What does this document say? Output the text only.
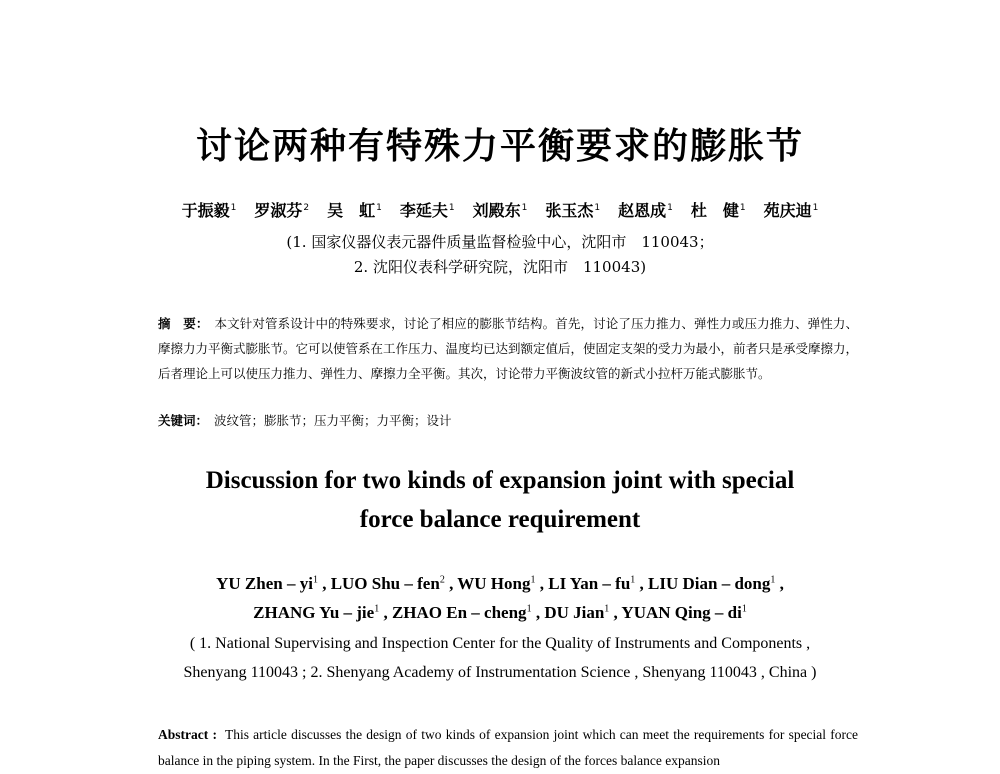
讨论两种有特殊力平衡要求的膨胀节
于振毅$^1$ 罗淑芬$^2$ 吴　虹$^1$ 李延夫$^1$ 刘殿东$^1$ 张玉杰$^1$ 赵恩成$^1$ 杜　健$^1$ 苑庆迪$^1$
(1. 国家仪器仪表元器件质量监督检验中心，沈阳市　110043；
2. 沈阳仪表科学研究院，沈阳市　110043)
摘　要： 本文针对管系设计中的特殊要求，讨论了相应的膨胀节结构。首先，讨论了压力推力、弹性力或压力推力、弹性力、摩擦力力平衡式膨胀节。它可以使管系在工作压力、温度均已达到额定值后，使固定支架的受力为最小，前者只是承受摩擦力，后者理论上可以使压力推力、弹性力、摩擦力全平衡。其次，讨论带力平衡波纹管的新式小拉杆万能式膨胀节。
关键词： 波纹管；膨胀节；压力平衡；力平衡；设计
Discussion for two kinds of expansion joint with special
force balance requirement
YU Zhen – $yi^1$ , LUO Shu – fen$^2$ , WU Hong$^1$ , LI Yan – $fu^1$ , LIU Dian – dong$^1$ ,
ZHANG Yu – jie$^1$ , ZHAO En – cheng$^1$ , DU Jian$^1$ , YUAN Qing – $di^1$
( 1. National Supervising and Inspection Center for the Quality of Instruments and Components ,
Shenyang 110043 ; 2. Shenyang Academy of Instrumentation Science , Shenyang 110043 , China )
Abstract : This article discusses the design of two kinds of expansion joint which can meet the requirements for special force balance in the piping system. In the First, the paper discusses the design of the forces balance expansion
